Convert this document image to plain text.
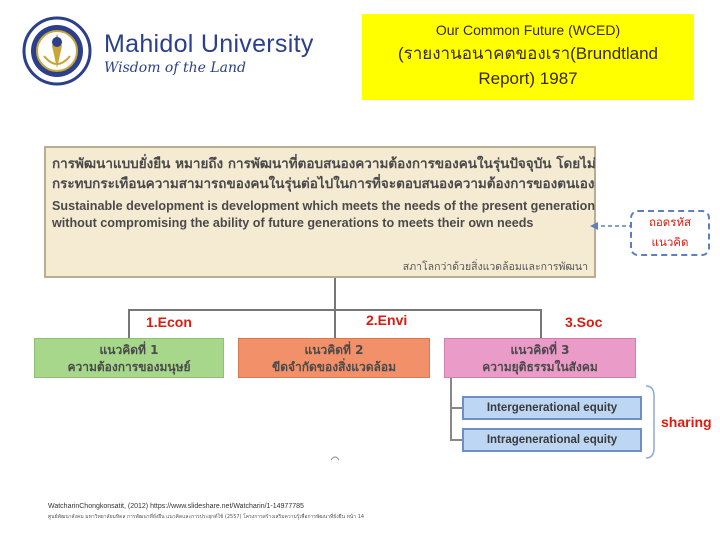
Mahidol University
Wisdom of the Land
Our Common Future (WCED)
(รายงานอนาคตของเรา(Brundtland
Report) 1987
การพัฒนาแบบยั่งยืน หมายถึง การพัฒนาที่ตอบสนองความต้องการของคนในรุ่นปัจจุบัน โดยไม่
กระทบกระเทือนความสามารถของคนในรุ่นต่อไปในการที่จะตอบสนองความต้องการของตนเอง
Sustainable development is development which meets the needs of the present generation
without compromising the ability of future generations to meets their own needs
สภาโลกว่าด้วยสิ่งแวดล้อมและการพัฒนา
ถอดรหัส
แนวคิด
1.Econ	2.Envi	3.Soc
แนวคิดที่ 1
ความต้องการของมนุษย์
แนวคิดที่ 2
ขีดจำกัดของสิ่งแวดล้อม
แนวคิดที่ 3
ความยุติธรรมในสังคม
Intergenerational equity
Intragenerational equity
sharing
WatcharinChongkonsatit, (2012) https://www.slideshare.net/Watcharin/1-14977785
ศูนย์พัฒนาสังคม มหาวิทยาลัยมหิดล การพัฒนาที่ยั่งยืน แนวคิดและการประยุกต์ใช้ (2557) โครงการสร้างเสริมความรู้เพื่อการพัฒนาที่ยั่งยืน หน้า 14
